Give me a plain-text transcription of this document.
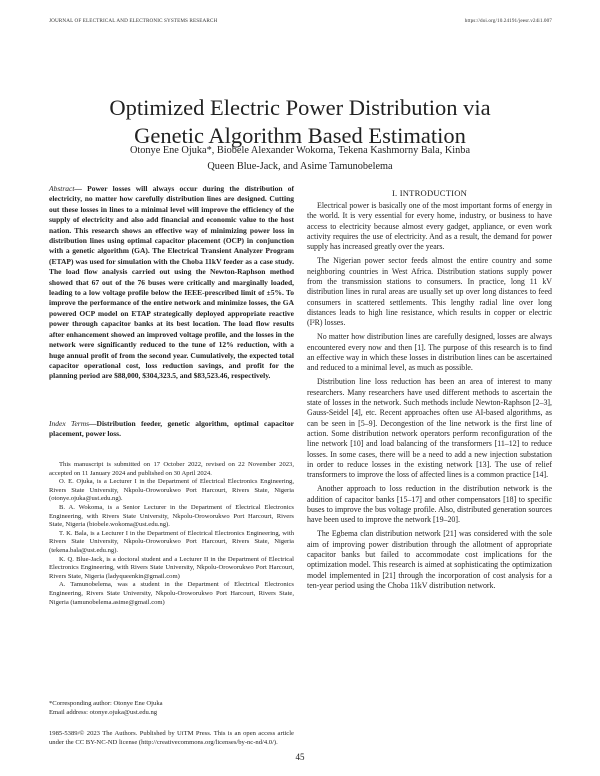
JOURNAL OF ELECTRICAL AND ELECTRONIC SYSTEMS RESEARCH	https://doi.org/10.24191/jeesr.v24i1.007
Optimized Electric Power Distribution via
Genetic Algorithm Based Estimation
Otonye Ene Ojuka*, Biobele Alexander Wokoma, Tekena Kashmorny Bala, Kinba
Queen Blue-Jack, and Asime Tamunobelema
Abstract— Power losses will always occur during the distribution of electricity, no matter how carefully distribution lines are designed. Cutting out these losses in lines to a minimal level will improve the efficiency of the supply of electricity and also add financial and economic value to the host nation. This research shows an effective way of minimizing power loss in distribution lines using optimal capacitor placement (OCP) in conjunction with a genetic algorithm (GA). The Electrical Transient Analyzer Program (ETAP) was used for simulation with the Choba 11kV feeder as a case study. The load flow analysis carried out using the Newton-Raphson method showed that 67 out of the 76 buses were critically and marginally loaded, leading to a low voltage profile below the IEEE-prescribed limit of ±5%. To improve the performance of the entire network and minimize losses, the GA powered OCP model on ETAP strategically deployed appropriate reactive power through capacitor banks at its best location. The load flow results after enhancement showed an improved voltage profile, and the losses in the network were significantly reduced to the tune of 12% reduction, with a huge annual profit of from the second year. Cumulatively, the expected total capacitor operational cost, loss reduction savings, and profit for the planning period are $88,000, $304,323.5, and $83,523.46, respectively.
Index Terms—Distribution feeder, genetic algorithm, optimal capacitor placement, power loss.

This manuscript is submitted on 17 October 2022, revised on 22 November 2023, accepted on 11 January 2024 and published on 30 April 2024.

O. E. Ojuka, is a Lecturer I in the Department of Electrical Electronics Engineering, Rivers State University, Nkpolu-Oroworukwo Port Harcourt, Rivers State, Nigeria (otonye.ojuka@ust.edu.ng).

B. A. Wokoma, is a Senior Lecturer in the Department of Electrical Electronics Engineering, with Rivers State University, Nkpolu-Oroworukwo Port Harcourt, Rivers State, Nigeria (biobele.wokoma@ust.edu.ng).

T. K. Bala, is a Lecturer I in the Department of Electrical Electronics Engineering, with Rivers State University, Nkpolu-Oroworukwo Port Harcourt, Rivers State, Nigeria (tekena.bala@ust.edu.ng).

K. Q. Blue-Jack, is a doctoral student and a Lecturer II in the Department of Electrical Electronics Engineering, with Rivers State University, Nkpolu-Oroworukwo Port Harcourt, Rivers State, Nigeria (ladyqueenkin@gmail.com)

A. Tamunobelema, was a student in the Department of Electrical Electronics Engineering, Rivers State University, Nkpolu-Oroworukwo Port Harcourt, Rivers State, Nigeria (tamunobelema.asime@gmail.com)

*Corresponding author: Otonye Ene Ojuka

Email address: otonye.ojuka@ust.edu.ng

1985-5389/© 2023 The Authors. Published by UiTM Press. This is an open access article under the CC BY-NC-ND license (http://creativecommons.org/licenses/by-nc-nd/4.0/).

I. INTRODUCTION

Electrical power is basically one of the most important forms of energy in the world. It is very essential for every home, industry, or business to have access to electricity because almost every gadget, appliance, or even work activity requires the use of electricity. And as a result, the demand for power supply has increased greatly over the years.

The Nigerian power sector feeds almost the entire country and some neighboring countries in West Africa. Distribution stations supply power from the transmission stations to consumers. In practice, long 11 kV distribution lines in rural areas are usually set up over long distances to feed consumers in scattered settlements. This lengthy radial line over long distances leads to high line resistance, which results in copper or electric (I²R) losses.

No matter how distribution lines are carefully designed, losses are always encountered every now and then [1]. The purpose of this research is to find an effective way in which these losses in distribution lines can be ascertained and reduced to a minimal level, as much as possible.

Distribution line loss reduction has been an area of interest to many researchers. Many researchers have used different methods to ascertain the state of losses in the network. Such methods include Newton-Raphson [2–3], Gauss-Seidel [4], etc. Recent approaches often use AI-based algorithms, as can be seen in [5–9]. Decongestion of the line network is the first line of action. Some distribution network operators perform reconfiguration of the line network [10] and load balancing of the transformers [11–12] to reduce losses. In some cases, there will be a need to add a new injection substation in order to reduce losses in the existing network [13]. The use of relief transformers to improve the loss of affected lines is a common practice [14].

Another approach to loss reduction in the distribution network is the addition of capacitor banks [15–17] and other compensators [18] to specific buses to improve the bus voltage profile. Also, distributed generation sources have been used to improve the network [19–20].

The Egbema clan distribution network [21] was considered with the sole aim of improving power distribution through the allotment of appropriate capacitor banks but failed to accommodate cost implications for the optimization model. This research is aimed at sophisticating the optimization model implemented in [21] through the incorporation of cost analysis for a ten-year period using the Choba 11kV distribution network.

45
